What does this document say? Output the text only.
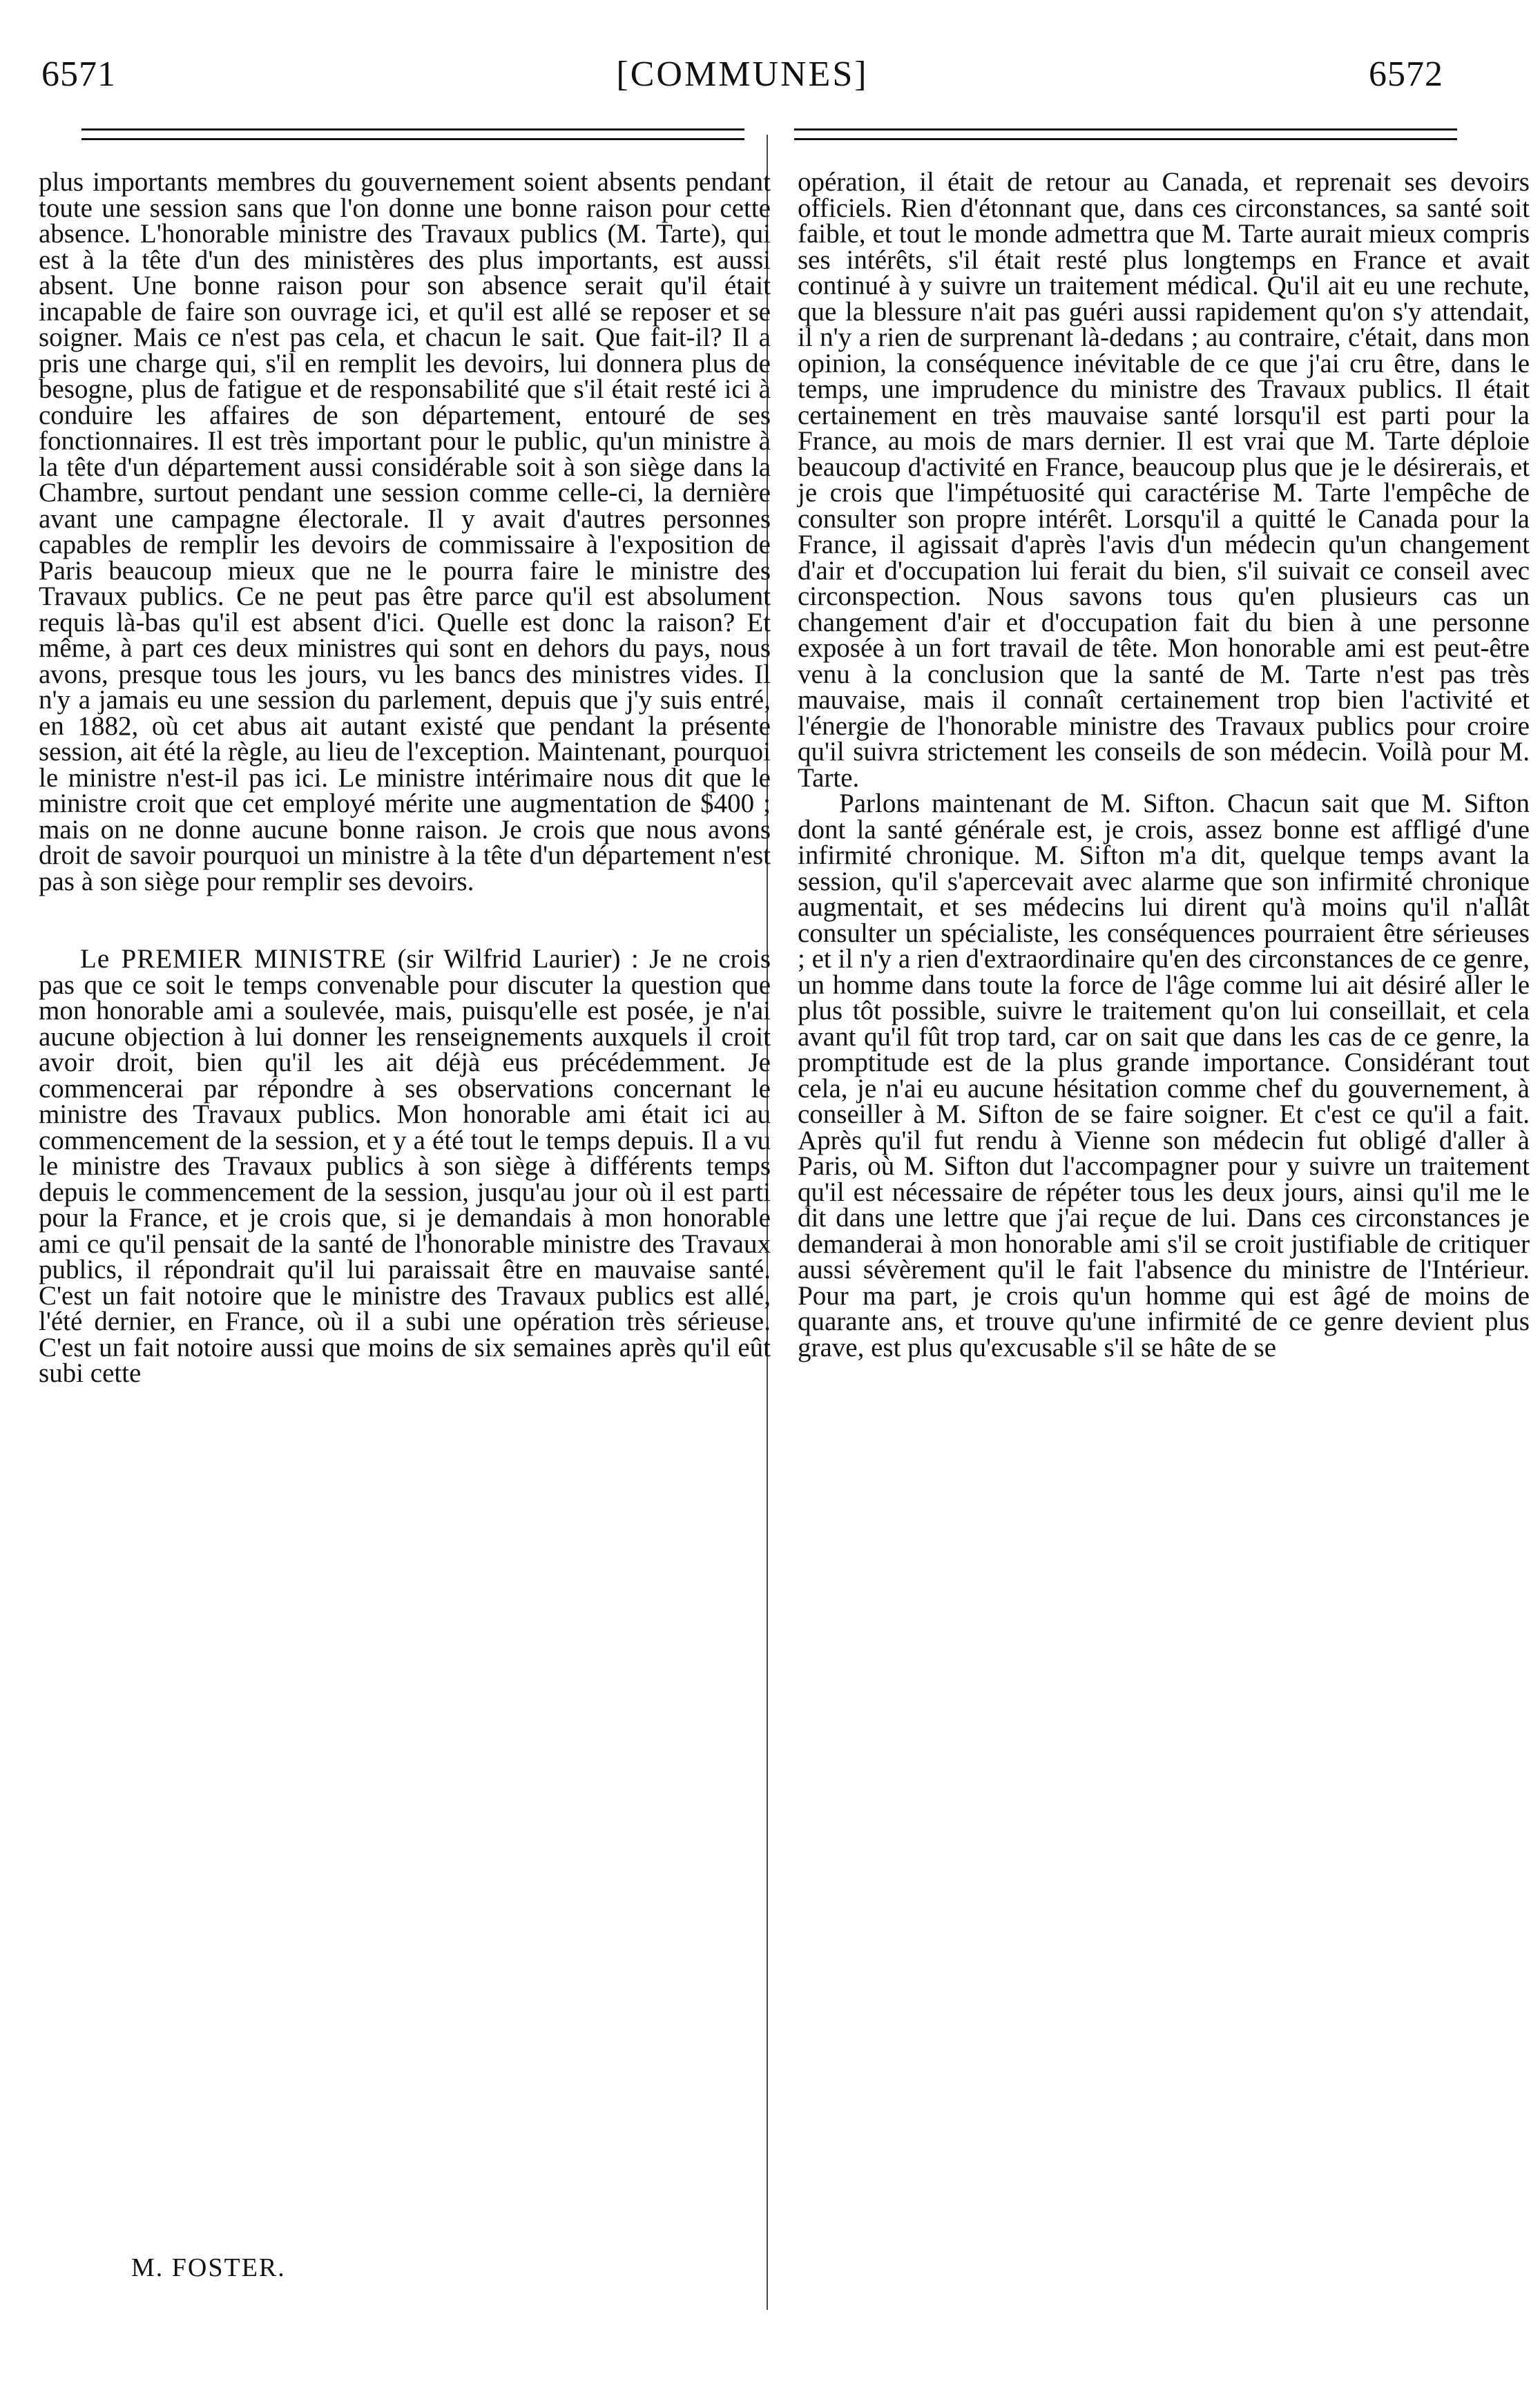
6571	[COMMUNES]	6572

plus importants membres du gouvernement soient absents pendant toute une session sans que l'on donne une bonne raison pour cette absence. L'honorable ministre des Travaux publics (M. Tarte), qui est à la tête d'un des ministères des plus importants, est aussi absent. Une bonne raison pour son absence serait qu'il était incapable de faire son ouvrage ici, et qu'il est allé se reposer et se soigner. Mais ce n'est pas cela, et chacun le sait. Que fait-il? Il a pris une charge qui, s'il en remplit les devoirs, lui donnera plus de besogne, plus de fatigue et de responsabilité que s'il était resté ici à conduire les affaires de son département, entouré de ses fonctionnaires. Il est très important pour le public, qu'un ministre à la tête d'un département aussi considérable soit à son siège dans la Chambre, surtout pendant une session comme celle-ci, la dernière avant une campagne électorale. Il y avait d'autres personnes capables de remplir les devoirs de commissaire à l'exposition de Paris beaucoup mieux que ne le pourra faire le ministre des Travaux publics. Ce ne peut pas être parce qu'il est absolument requis là-bas qu'il est absent d'ici. Quelle est donc la raison? Et même, à part ces deux ministres qui sont en dehors du pays, nous avons, presque tous les jours, vu les bancs des ministres vides. Il n'y a jamais eu une session du parlement, depuis que j'y suis entré, en 1882, où cet abus ait autant existé que pendant la présente session, ait été la règle, au lieu de l'exception. Maintenant, pourquoi le ministre n'est-il pas ici. Le ministre intérimaire nous dit que le ministre croit que cet employé mérite une augmentation de $400 ; mais on ne donne aucune bonne raison. Je crois que nous avons droit de savoir pourquoi un ministre à la tête d'un département n'est pas à son siège pour remplir ses devoirs.

Le PREMIER MINISTRE (sir Wilfrid Laurier) : Je ne crois pas que ce soit le temps convenable pour discuter la question que mon honorable ami a soulevée, mais, puisqu'elle est posée, je n'ai aucune objection à lui donner les renseignements auxquels il croit avoir droit, bien qu'il les ait déjà eus précédemment. Je commencerai par répondre à ses observations concernant le ministre des Travaux publics. Mon honorable ami était ici au commencement de la session, et y a été tout le temps depuis. Il a vu le ministre des Travaux publics à son siège à différents temps depuis le commencement de la session, jusqu'au jour où il est parti pour la France, et je crois que, si je demandais à mon honorable ami ce qu'il pensait de la santé de l'honorable ministre des Travaux publics, il répondrait qu'il lui paraissait être en mauvaise santé. C'est un fait notoire que le ministre des Travaux publics est allé, l'été dernier, en France, où il a subi une opération très sérieuse. C'est un fait notoire aussi que moins de six semaines après qu'il eût subi cette

opération, il était de retour au Canada, et reprenait ses devoirs officiels. Rien d'étonnant que, dans ces circonstances, sa santé soit faible, et tout le monde admettra que M. Tarte aurait mieux compris ses intérêts, s'il était resté plus longtemps en France et avait continué à y suivre un traitement médical. Qu'il ait eu une rechute, que la blessure n'ait pas guéri aussi rapidement qu'on s'y attendait, il n'y a rien de surprenant là-dedans ; au contraire, c'était, dans mon opinion, la conséquence inévitable de ce que j'ai cru être, dans le temps, une imprudence du ministre des Travaux publics. Il était certainement en très mauvaise santé lorsqu'il est parti pour la France, au mois de mars dernier. Il est vrai que M. Tarte déploie beaucoup d'activité en France, beaucoup plus que je le désirerais, et je crois que l'impétuosité qui caractérise M. Tarte l'empêche de consulter son propre intérêt. Lorsqu'il a quitté le Canada pour la France, il agissait d'après l'avis d'un médecin qu'un changement d'air et d'occupation lui ferait du bien, s'il suivait ce conseil avec circonspection. Nous savons tous qu'en plusieurs cas un changement d'air et d'occupation fait du bien à une personne exposée à un fort travail de tête. Mon honorable ami est peut-être venu à la conclusion que la santé de M. Tarte n'est pas très mauvaise, mais il connaît certainement trop bien l'activité et l'énergie de l'honorable ministre des Travaux publics pour croire qu'il suivra strictement les conseils de son médecin. Voilà pour M. Tarte.

Parlons maintenant de M. Sifton. Chacun sait que M. Sifton dont la santé générale est, je crois, assez bonne est affligé d'une infirmité chronique. M. Sifton m'a dit, quelque temps avant la session, qu'il s'apercevait avec alarme que son infirmité chronique augmentait, et ses médecins lui dirent qu'à moins qu'il n'allât consulter un spécialiste, les conséquences pourraient être sérieuses ; et il n'y a rien d'extraordinaire qu'en des circonstances de ce genre, un homme dans toute la force de l'âge comme lui ait désiré aller le plus tôt possible, suivre le traitement qu'on lui conseillait, et cela avant qu'il fût trop tard, car on sait que dans les cas de ce genre, la promptitude est de la plus grande importance. Considérant tout cela, je n'ai eu aucune hésitation comme chef du gouvernement, à conseiller à M. Sifton de se faire soigner. Et c'est ce qu'il a fait. Après qu'il fut rendu à Vienne son médecin fut obligé d'aller à Paris, où M. Sifton dut l'accompagner pour y suivre un traitement qu'il est nécessaire de répéter tous les deux jours, ainsi qu'il me le dit dans une lettre que j'ai reçue de lui. Dans ces circonstances je demanderai à mon honorable ami s'il se croit justifiable de critiquer aussi sévèrement qu'il le fait l'absence du ministre de l'Intérieur. Pour ma part, je crois qu'un homme qui est âgé de moins de quarante ans, et trouve qu'une infirmité de ce genre devient plus grave, est plus qu'excusable s'il se hâte de se

M. FOSTER.
